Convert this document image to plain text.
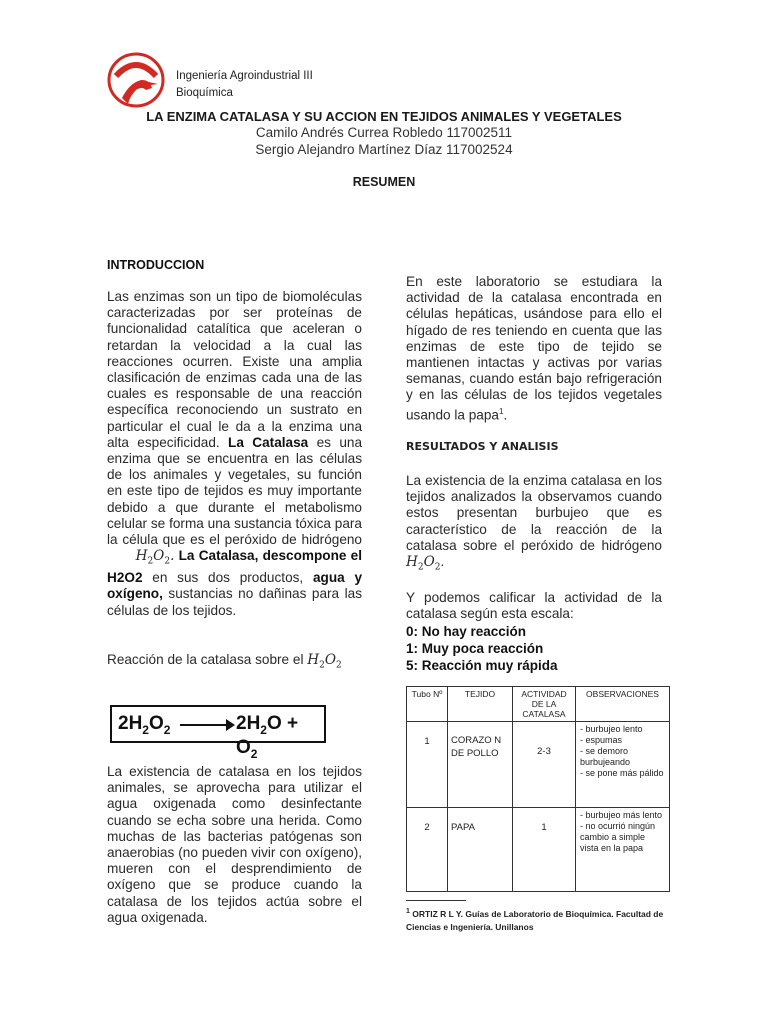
Ingeniería Agroindustrial III
Bioquímica
LA ENZIMA CATALASA Y SU ACCION EN TEJIDOS ANIMALES Y VEGETALES
Camilo Andrés Currea Robledo 117002511
Sergio Alejandro Martínez Díaz 117002524
RESUMEN
INTRODUCCION
Las enzimas son un tipo de biomoléculas caracterizadas por ser proteínas de funcionalidad catalítica que aceleran o retardan la velocidad a la cual las reacciones ocurren. Existe una amplia clasificación de enzimas cada una de las cuales es responsable de una reacción específica reconociendo un sustrato en particular el cual le da a la enzima una alta especificidad. La Catalasa es una enzima que se encuentra en las células de los animales y vegetales, su función en este tipo de tejidos es muy importante debido a que durante el metabolismo celular se forma una sustancia tóxica para la célula que es el peróxido de hidrógeno       $H_2O_2$. La Catalasa, descompone el H2O2 en sus dos productos, agua y oxígeno, sustancias no dañinas para las células de los tejidos.
Reacción de la catalasa sobre el $H_2O_2$
$2H_2O_2$	$2H_2O + O_2$
La existencia de catalasa en los tejidos animales, se aprovecha para utilizar el agua oxigenada como desinfectante cuando se echa sobre una herida. Como muchas de las bacterias patógenas son anaerobias (no pueden vivir con oxígeno), mueren con el desprendimiento de oxígeno que se produce cuando la catalasa de los tejidos actúa sobre el agua oxigenada.
En este laboratorio se estudiara la actividad de la catalasa encontrada en células hepáticas, usándose para ello el hígado de res teniendo en cuenta que las enzimas de este tipo de tejido se mantienen intactas y activas por varias semanas, cuando están bajo refrigeración y en las células de los tejidos vegetales usando la papa$^1$.
RESULTADOS Y ANALISIS
La existencia de la enzima catalasa en los tejidos analizados la observamos cuando estos presentan burbujeo que es característico de la reacción de la catalasa sobre el peróxido de hidrógeno $H_2O_2$.
Y podemos calificar la actividad de la catalasa según esta escala:
0: No hay reacción
1: Muy poca reacción
5: Reacción muy rápida
Tubo Nº	TEJIDO	ACTIVIDAD DE LA CATALASA	OBSERVACIONES
1	CORAZO N DE POLLO	2-3	- burbujeo lento
- espumas
- se demoro burbujeando
- se pone más pálido

2	PAPA	1	- burbujeo más lento
- no ocurrió ningún cambio a simple vista en la papa
$^1$ ORTIZ R L Y. Guías de Laboratorio de Bioquímica. Facultad de Ciencias e Ingeniería. Unillanos
